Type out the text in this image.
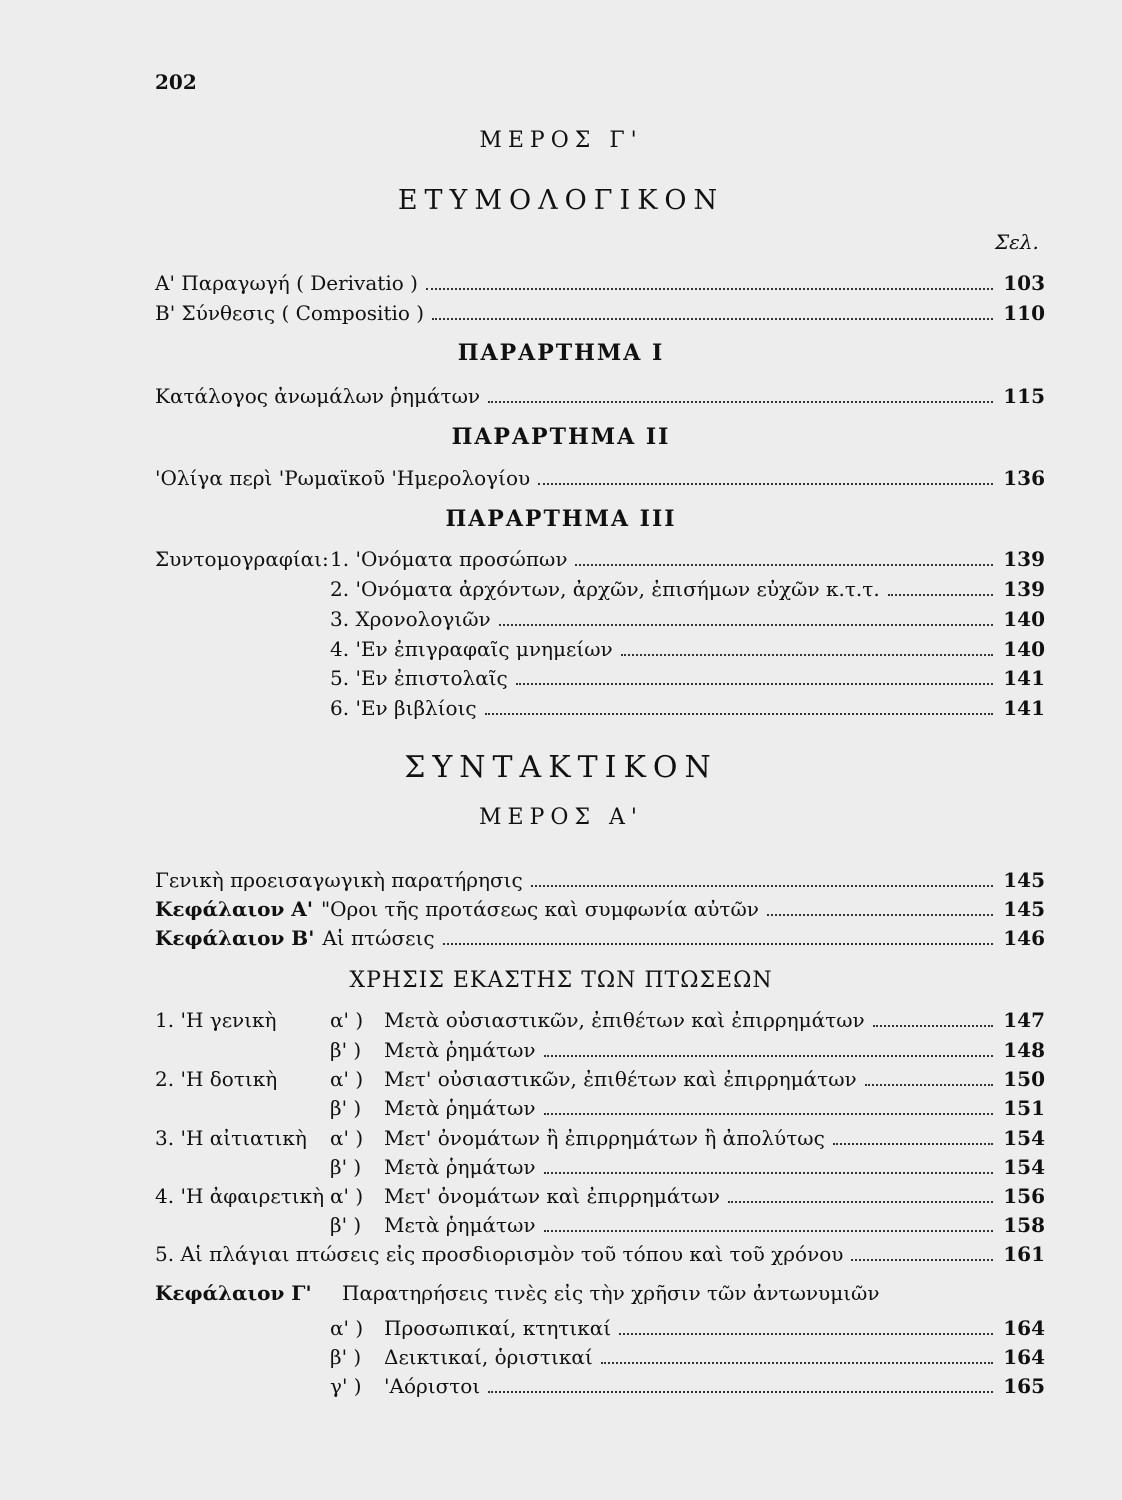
202
ΜΕΡΟΣ Γ'
ΕΤΥΜΟΛΟΓΙΚΟΝ
Σελ.
Α' Παραγωγή ( Derivatio )	103
Β' Σύνθεσις ( Compositio )	110
ΠΑΡΑΡΤΗΜΑ Ι
Κατάλογος ἀνωμάλων ῥημάτων	115
ΠΑΡΑΡΤΗΜΑ ΙΙ
'Ολίγα περὶ 'Ρωμαϊκοῦ 'Ημερολογίου	136
ΠΑΡΑΡΤΗΜΑ ΙΙΙ
Συντομογραφίαι: 1. 'Ονόματα προσώπων	139
2. 'Ονόματα ἀρχόντων, ἀρχῶν, ἐπισήμων εὐχῶν κ.τ.τ.	139
3. Χρονολογιῶν	140
4. 'Εν ἐπιγραφαῖς μνημείων	140
5. 'Εν ἐπιστολαῖς	141
6. 'Εν βιβλίοις	141
ΣΥΝΤΑΚΤΙΚΟΝ
ΜΕΡΟΣ Α'
Γενικὴ προεισαγωγικὴ παρατήρησις	145
Κεφάλαιον Α' "Οροι τῆς προτάσεως καὶ συμφωνία αὐτῶν	145
Κεφάλαιον Β' Αἱ πτώσεις	146
ΧΡΗΣΙΣ ΕΚΑΣΤΗΣ ΤΩΝ ΠΤΩΣΕΩΝ
1. 'Η γενικὴ	α' )	Μετὰ οὐσιαστικῶν, ἐπιθέτων καὶ ἐπιρρημάτων	147
β' )	Μετὰ ῥημάτων	148
2. 'Η δοτικὴ	α' )	Μετ' οὐσιαστικῶν, ἐπιθέτων καὶ ἐπιρρημάτων	150
β' )	Μετὰ ῥημάτων	151
3. 'Η αἰτιατικὴ	α' )	Μετ' ὀνομάτων ἢ ἐπιρρημάτων ἢ ἀπολύτως	154
β' )	Μετὰ ῥημάτων	154
4. 'Η ἀφαιρετικὴ α' )	Μετ' ὀνομάτων καὶ ἐπιρρημάτων	156
β' )	Μετὰ ῥημάτων	158
5. Αἱ πλάγιαι πτώσεις εἰς προσδιορισμὸν τοῦ τόπου καὶ τοῦ χρόνου	161
Κεφάλαιον Γ'	Παρατηρήσεις τινὲς εἰς τὴν χρῆσιν τῶν ἀντωνυμιῶν
α' )	Προσωπικαί, κτητικαί	164
β' )	Δεικτικαί, ὁριστικαί	164
γ' )	'Αόριστοι	165
